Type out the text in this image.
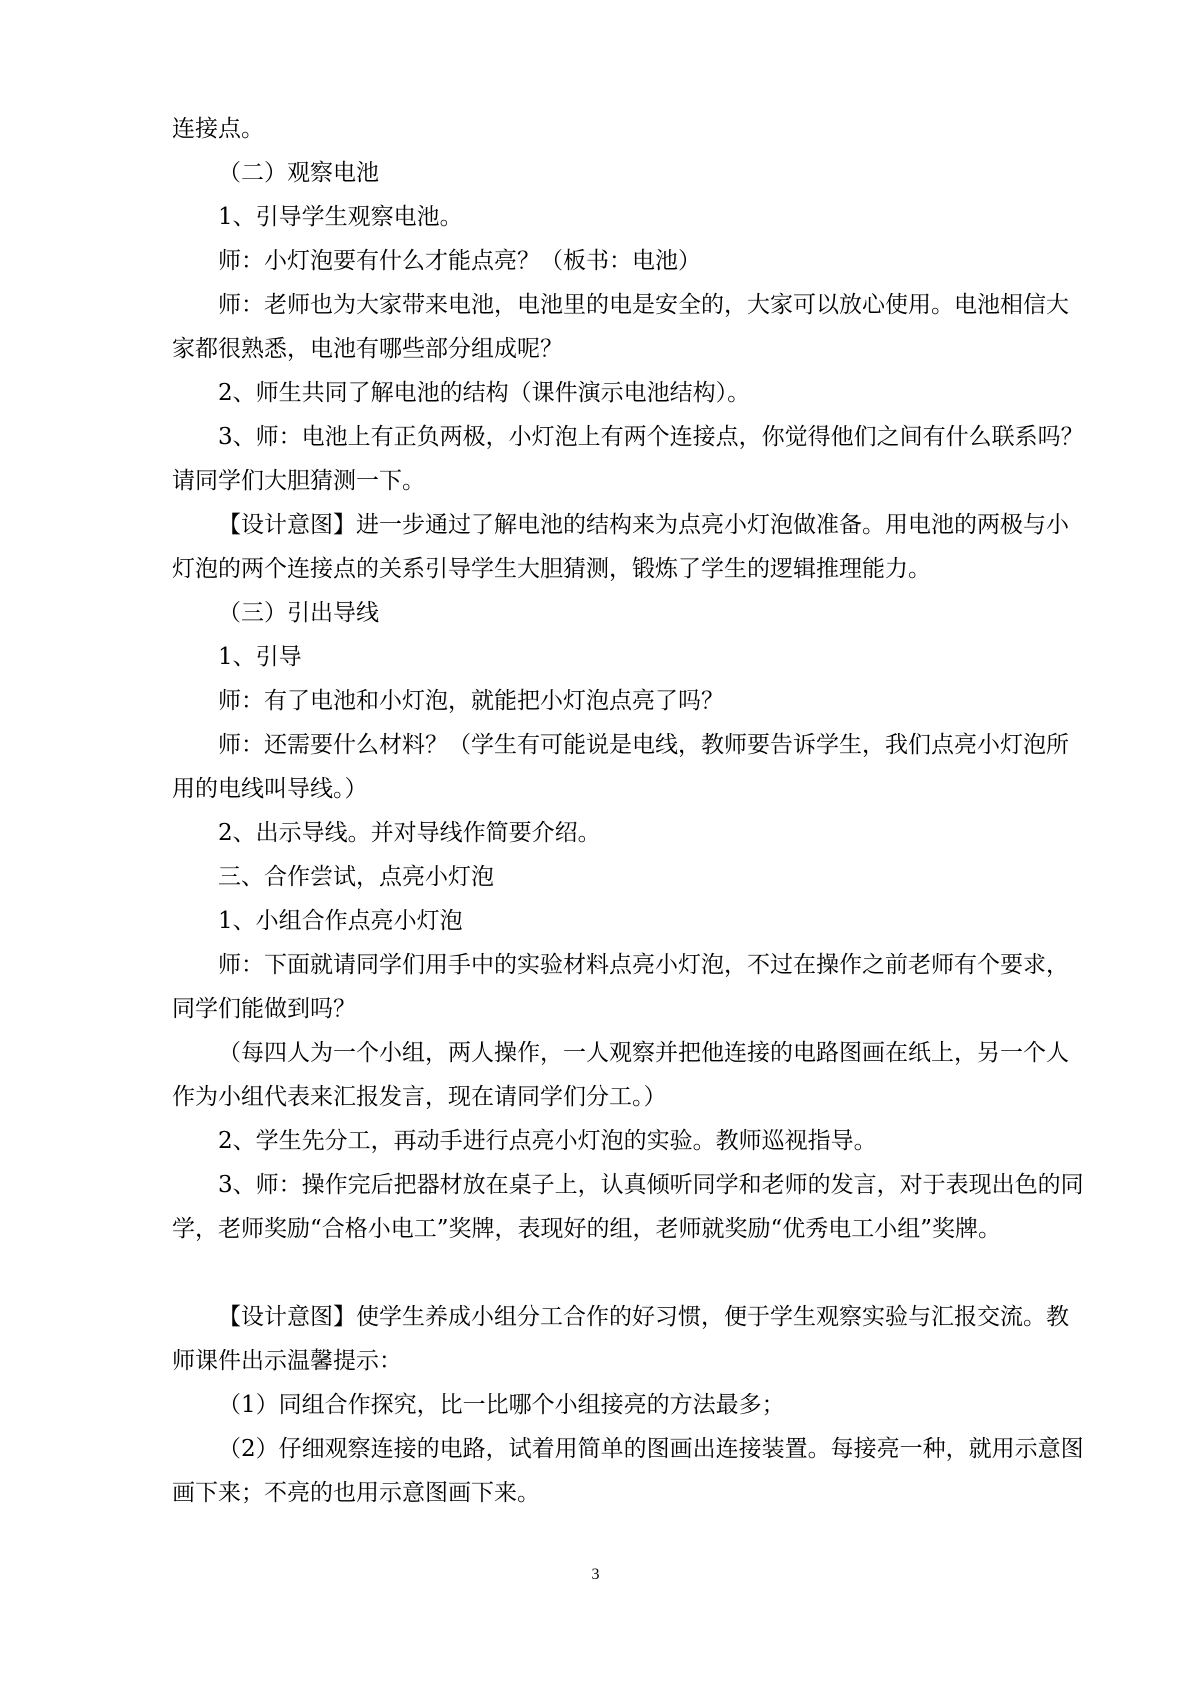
连接点。

（二）观察电池

1、引导学生观察电池。

师：小灯泡要有什么才能点亮？（板书：电池）

师：老师也为大家带来电池，电池里的电是安全的，大家可以放心使用。电池相信大家都很熟悉，电池有哪些部分组成呢？

2、师生共同了解电池的结构（课件演示电池结构）。

3、师：电池上有正负两极，小灯泡上有两个连接点，你觉得他们之间有什么联系吗？请同学们大胆猜测一下。

【设计意图】进一步通过了解电池的结构来为点亮小灯泡做准备。用电池的两极与小灯泡的两个连接点的关系引导学生大胆猜测，锻炼了学生的逻辑推理能力。

（三）引出导线

1、引导

师：有了电池和小灯泡，就能把小灯泡点亮了吗？

师：还需要什么材料？（学生有可能说是电线，教师要告诉学生，我们点亮小灯泡所用的电线叫导线。）

2、出示导线。并对导线作简要介绍。

三、合作尝试，点亮小灯泡

1、小组合作点亮小灯泡

师：下面就请同学们用手中的实验材料点亮小灯泡，不过在操作之前老师有个要求，同学们能做到吗？

（每四人为一个小组，两人操作，一人观察并把他连接的电路图画在纸上，另一个人作为小组代表来汇报发言，现在请同学们分工。）

2、学生先分工，再动手进行点亮小灯泡的实验。教师巡视指导。

3、师：操作完后把器材放在桌子上，认真倾听同学和老师的发言，对于表现出色的同学，老师奖励“合格小电工”奖牌，表现好的组，老师就奖励“优秀电工小组”奖牌。

【设计意图】使学生养成小组分工合作的好习惯，便于学生观察实验与汇报交流。教师课件出示温馨提示：

（1）同组合作探究，比一比哪个小组接亮的方法最多；

（2）仔细观察连接的电路，试着用简单的图画出连接装置。每接亮一种，就用示意图画下来；不亮的也用示意图画下来。

3
